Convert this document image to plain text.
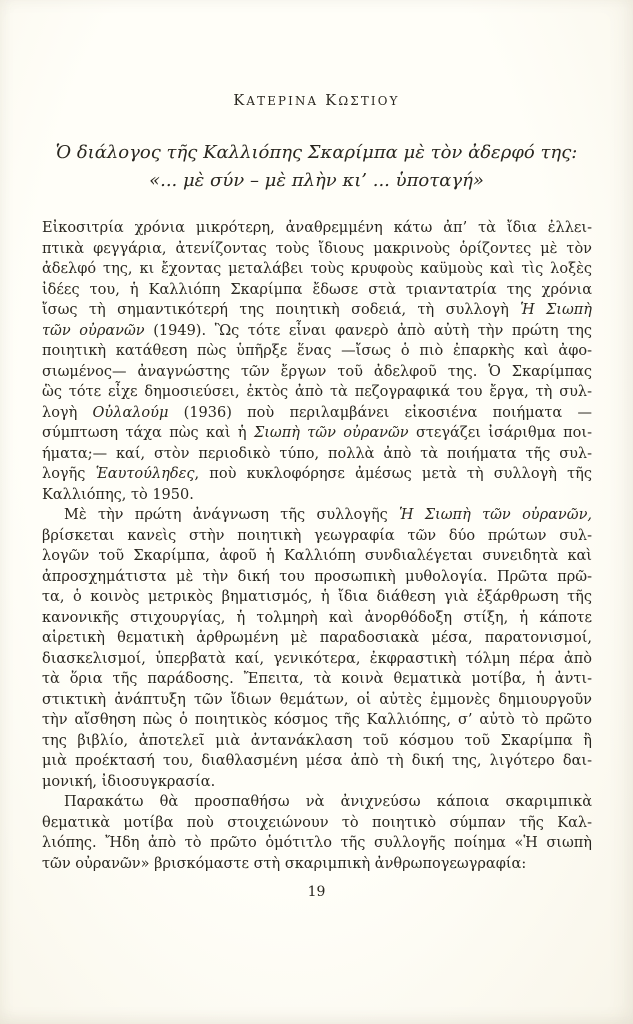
ΚΑΤΕΡΙΝΑ ΚΩΣΤΙΟΥ
Ὁ διάλογος τῆς Καλλιόπης Σκαρίμπα μὲ τὸν ἀδερφό της:
«... μὲ σύν – μὲ πλὴν κι’ ... ὑποταγή»
Εἰκοσιτρία χρόνια μικρότερη, ἀναθρεμμένη κάτω ἀπ’ τὰ ἴδια ἐλλει-
πτικὰ φεγγάρια, ἀτενίζοντας τοὺς ἴδιους μακρινοὺς ὁρίζοντες μὲ τὸν
ἀδελφό της, κι ἔχοντας μεταλάβει τοὺς κρυφοὺς καϋμοὺς καὶ τὶς λοξὲς
ἰδέες του, ἡ Καλλιόπη Σκαρίμπα ἔδωσε στὰ τριαντατρία της χρόνια
ἴσως τὴ σημαντικότερή της ποιητικὴ σοδειά, τὴ συλλογὴ Ἡ Σιωπὴ
τῶν οὐρανῶν (1949). Ὣς τότε εἶναι φανερὸ ἀπὸ αὐτὴ τὴν πρώτη της
ποιητικὴ κατάθεση πὼς ὑπῆρξε ἕνας —ἴσως ὁ πιὸ ἐπαρκὴς καὶ ἀφο-
σιωμένος— ἀναγνώστης τῶν ἔργων τοῦ ἀδελφοῦ της. Ὁ Σκαρίμπας
ὣς τότε εἶχε δημοσιεύσει, ἐκτὸς ἀπὸ τὰ πεζογραφικά του ἔργα, τὴ συλ-
λογὴ Οὐλαλούμ (1936) ποὺ περιλαμβάνει εἰκοσιένα ποιήματα —
σύμπτωση τάχα πὼς καὶ ἡ Σιωπὴ τῶν οὐρανῶν στεγάζει ἰσάριθμα ποι-
ήματα;— καί, στὸν περιοδικὸ τύπο, πολλὰ ἀπὸ τὰ ποιήματα τῆς συλ-
λογῆς Ἑαυτούληδες, ποὺ κυκλοφόρησε ἀμέσως μετὰ τὴ συλλογὴ τῆς
Καλλιόπης, τὸ 1950.
Μὲ τὴν πρώτη ἀνάγνωση τῆς συλλογῆς Ἡ Σιωπὴ τῶν οὐρανῶν,
βρίσκεται κανεὶς στὴν ποιητικὴ γεωγραφία τῶν δύο πρώτων συλ-
λογῶν τοῦ Σκαρίμπα, ἀφοῦ ἡ Καλλιόπη συνδιαλέγεται συνειδητὰ καὶ
ἀπροσχημάτιστα μὲ τὴν δική του προσωπικὴ μυθολογία. Πρῶτα πρῶ-
τα, ὁ κοινὸς μετρικὸς βηματισμός, ἡ ἴδια διάθεση γιὰ ἐξάρθρωση τῆς
κανονικῆς στιχουργίας, ἡ τολμηρὴ καὶ ἀνορθόδοξη στίξη, ἡ κάποτε
αἱρετικὴ θεματικὴ ἀρθρωμένη μὲ παραδοσιακὰ μέσα, παρατονισμοί,
διασκελισμοί, ὑπερβατὰ καί, γενικότερα, ἐκφραστικὴ τόλμη πέρα ἀπὸ
τὰ ὅρια τῆς παράδοσης. Ἔπειτα, τὰ κοινὰ θεματικὰ μοτίβα, ἡ ἀντι-
στικτικὴ ἀνάπτυξη τῶν ἴδιων θεμάτων, οἱ αὐτὲς ἐμμονὲς δημιουργοῦν
τὴν αἴσθηση πὼς ὁ ποιητικὸς κόσμος τῆς Καλλιόπης, σ’ αὐτὸ τὸ πρῶτο
της βιβλίο, ἀποτελεῖ μιὰ ἀντανάκλαση τοῦ κόσμου τοῦ Σκαρίμπα ἢ
μιὰ προέκτασή του, διαθλασμένη μέσα ἀπὸ τὴ δική της, λιγότερο δαι-
μονική, ἰδιοσυγκρασία.
Παρακάτω θὰ προσπαθήσω νὰ ἀνιχνεύσω κάποια σκαριμπικὰ
θεματικὰ μοτίβα ποὺ στοιχειώνουν τὸ ποιητικὸ σύμπαν τῆς Καλ-
λιόπης. Ἤδη ἀπὸ τὸ πρῶτο ὁμότιτλο τῆς συλλογῆς ποίημα «Ἡ σιωπὴ
τῶν οὐρανῶν» βρισκόμαστε στὴ σκαριμπικὴ ἀνθρωπογεωγραφία:
19
